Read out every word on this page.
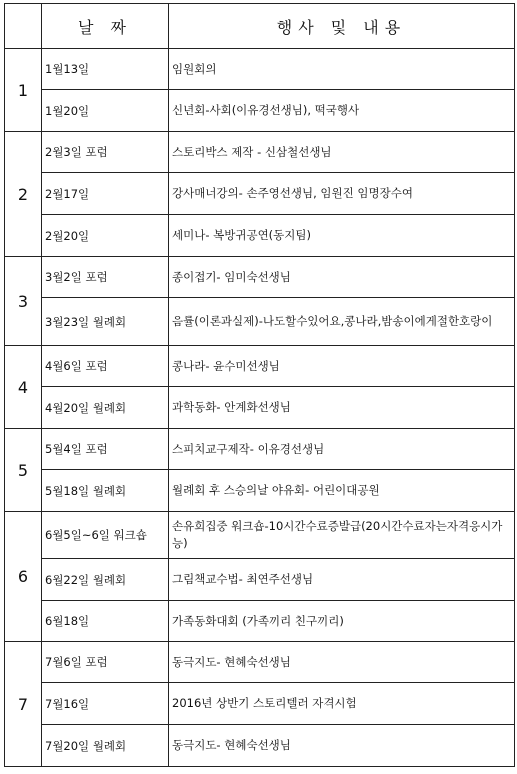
	날 짜	행사 및 내용
1	1월13일	임원회의
	1월20일	신년회-사회(이유경선생님), 떡국행사
2	2월3일 포럼	스토리박스 제작 - 신삼철선생님
	2월17일	강사매너강의- 손주영선생님, 임원진 임명장수여
	2월20일	세미나- 복방귀공연(동지팀)
3	3월2일 포럼	종이접기- 임미숙선생님
	3월23일 월례회	음률(이론과실제)-나도할수있어요,콩나라,밤송이에게절한호랑이
4	4월6일 포럼	콩나라- 윤수미선생님
	4월20일 월례회	과학동화- 안계화선생님
5	5월4일 포럼	스피치교구제작- 이유경선생님
	5월18일 월례회	월례회 후 스승의날 야유회- 어린이대공원
6	6월5일~6일 워크숍	손유희집중 워크숍-10시간수료증발급(20시간수료자는자격응시가능)
	6월22일 월례회	그림책교수법- 최연주선생님
	6월18일	가족동화대회 (가족끼리 친구끼리)
7	7월6일 포럼	동극지도- 현혜숙선생님
	7월16일	2016년 상반기 스토리텔러 자격시험
	7월20일 월례회	동극지도- 현혜숙선생님
